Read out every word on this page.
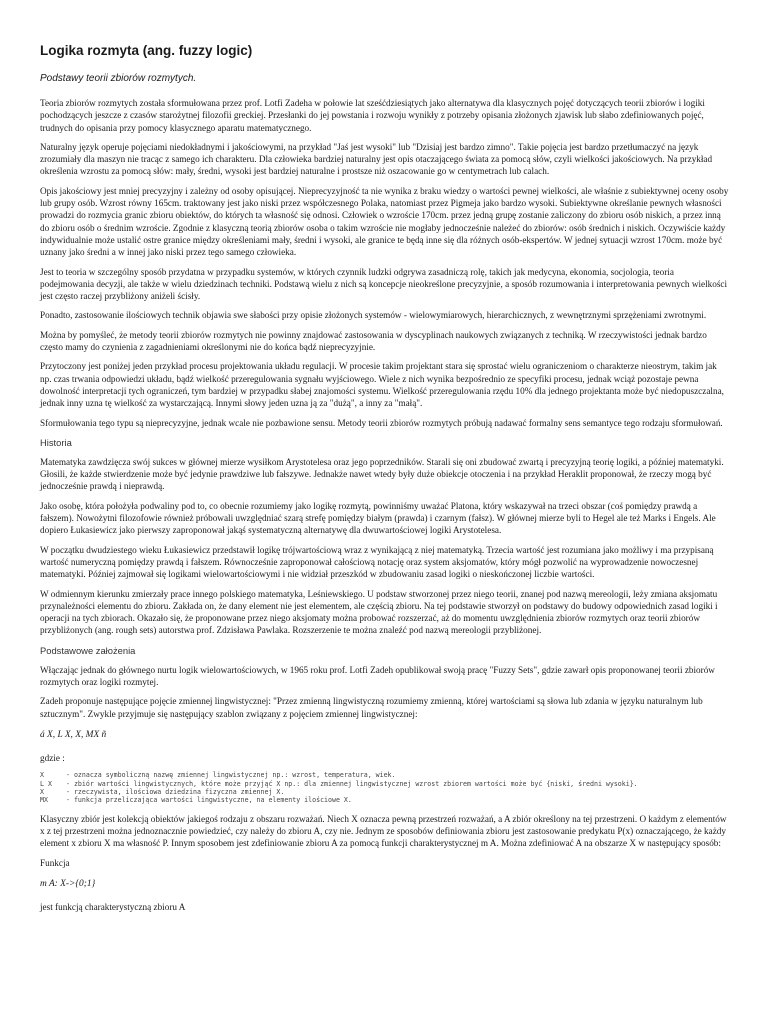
Logika rozmyta (ang. fuzzy logic)
Podstawy teorii zbiorów rozmytych.

Teoria zbiorów rozmytych została sformułowana przez prof. Lotfi Zadeha w połowie lat sześćdziesiątych jako alternatywa dla klasycznych pojęć dotyczących teorii zbiorów i logiki pochodzących jeszcze z czasów starożytnej filozofii greckiej. Przesłanki do jej powstania i rozwoju wynikły z potrzeby opisania złożonych zjawisk lub słabo zdefiniowanych pojęć, trudnych do opisania przy pomocy klasycznego aparatu matematycznego.

Naturalny język operuje pojęciami niedokładnymi i jakościowymi, na przykład "Jaś jest wysoki" lub "Dzisiaj jest bardzo zimno". Takie pojęcia jest bardzo przetłumaczyć na język zrozumiały dla maszyn nie tracąc z samego ich charakteru. Dla człowieka bardziej naturalny jest opis otaczającego świata za pomocą słów, czyli wielkości jakościowych. Na przykład określenia wzrostu za pomocą słów: mały, średni, wysoki jest bardziej naturalne i prostsze niż oszacowanie go w centymetrach lub calach.

Opis jakościowy jest mniej precyzyjny i zależny od osoby opisującej. Nieprecyzyjność ta nie wynika z braku wiedzy o wartości pewnej wielkości, ale właśnie z subiektywnej oceny osoby lub grupy osób. Wzrost równy 165cm. traktowany jest jako niski przez współczesnego Polaka, natomiast przez Pigmeja jako bardzo wysoki. Subiektywne określanie pewnych własności prowadzi do rozmycia granic zbioru obiektów, do których ta własność się odnosi. Człowiek o wzroście 170cm. przez jedną grupę zostanie zaliczony do zbioru osób niskich, a przez inną do zbioru osób o średnim wzroście. Zgodnie z klasyczną teorią zbiorów osoba o takim wzroście nie mogłaby jednocześnie należeć do zbiorów: osób średnich i niskich. Oczywiście każdy indywidualnie może ustalić ostre granice między określeniami mały, średni i wysoki, ale granice te będą inne się dla różnych osób-ekspertów. W jednej sytuacji wzrost 170cm. może być uznany jako średni a w innej jako niski przez tego samego człowieka.

Jest to teoria w szczególny sposób przydatna w przypadku systemów, w których czynnik ludzki odgrywa zasadniczą rolę, takich jak medycyna, ekonomia, socjologia, teoria podejmowania decyzji, ale także w wielu dziedzinach techniki. Podstawą wielu z nich są koncepcje nieokreślone precyzyjnie, a sposób rozumowania i interpretowania pewnych wielkości jest często raczej przybliżony aniżeli ścisły.

Ponadto, zastosowanie ilościowych technik objawia swe słabości przy opisie złożonych systemów - wielowymiarowych, hierarchicznych, z wewnętrznymi sprzężeniami zwrotnymi.

Można by pomyśleć, że metody teorii zbiorów rozmytych nie powinny znajdować zastosowania w dyscyplinach naukowych związanych z techniką. W rzeczywistości jednak bardzo często mamy do czynienia z zagadnieniami określonymi nie do końca bądź nieprecyzyjnie.

Przytoczony jest poniżej jeden przykład procesu projektowania układu regulacji. W procesie takim projektant stara się sprostać wielu ograniczeniom o charakterze nieostrym, takim jak np. czas trwania odpowiedzi układu, bądź wielkość przeregulowania sygnału wyjściowego. Wiele z nich wynika bezpośrednio ze specyfiki procesu, jednak wciąż pozostaje pewna dowolność interpretacji tych ograniczeń, tym bardziej w przypadku słabej znajomości systemu. Wielkość przeregulowania rzędu 10% dla jednego projektanta może być niedopuszczalna, jednak inny uzna tę wielkość za wystarczającą. Innymi słowy jeden uzna ją za "dużą", a inny za "małą".

Sformułowania tego typu są nieprecyzyjne, jednak wcale nie pozbawione sensu. Metody teorii zbiorów rozmytych próbują nadawać formalny sens semantyce tego rodzaju sformułowań.

Historia

Matematyka zawdzięcza swój sukces w głównej mierze wysiłkom Arystotelesa oraz jego poprzedników. Starali się oni zbudować zwartą i precyzyjną teorię logiki, a później matematyki. Głosili, że każde stwierdzenie może być jedynie prawdziwe lub fałszywe. Jednakże nawet wtedy były duże obiekcje otoczenia i na przykład Heraklit proponował, że rzeczy mogą być jednocześnie prawdą i nieprawdą.

Jako osobę, która położyła podwaliny pod to, co obecnie rozumiemy jako logikę rozmytą, powinniśmy uważać Platona, który wskazywał na trzeci obszar (coś pomiędzy prawdą a fałszem). Nowożytni filozofowie również próbowali uwzględniać szarą strefę pomiędzy białym (prawda) i czarnym (fałsz). W głównej mierze byli to Hegel ale też Marks i Engels. Ale dopiero Łukasiewicz jako pierwszy zaproponował jakąś systematyczną alternatywę dla dwuwartościowej logiki Arystotelesa.

W początku dwudziestego wieku Łukasiewicz przedstawił logikę trójwartościową wraz z wynikającą z niej matematyką. Trzecia wartość jest rozumiana jako możliwy i ma przypisaną wartość numeryczną pomiędzy prawdą i fałszem. Równocześnie zaproponował całościową notację oraz system aksjomatów, który mógł pozwolić na wyprowadzenie nowoczesnej matematyki. Później zajmował się logikami wielowartościowymi i nie widział przeszkód w zbudowaniu zasad logiki o nieskończonej liczbie wartości.

W odmiennym kierunku zmierzały prace innego polskiego matematyka, Leśniewskiego. U podstaw stworzonej przez niego teorii, znanej pod nazwą mereologii, leży zmiana aksjomatu przynależności elementu do zbioru. Zakłada on, że dany element nie jest elementem, ale częścią zbioru. Na tej podstawie stworzył on podstawy do budowy odpowiednich zasad logiki i operacji na tych zbiorach. Okazało się, że proponowane przez niego aksjomaty można probować rozszerzać, aż do momentu uwzględnienia zbiorów rozmytych oraz teorii zbiorów przybliżonych (ang. rough sets) autorstwa prof. Zdzisława Pawlaka. Rozszerzenie te można znaleźć pod nazwą mereologii przybliżonej.

Podstawowe założenia

Włączając jednak do głównego nurtu logik wielowartościowych, w 1965 roku prof. Lotfi Zadeh opublikował swoją pracę "Fuzzy Sets", gdzie zawarł opis proponowanej teorii zbiorów rozmytych oraz logiki rozmytej.

Zadeh proponuje następujące pojęcie zmiennej lingwistycznej: "Przez zmienną lingwistyczną rozumiemy zmienną, której wartościami są słowa lub zdania w języku naturalnym lub sztucznym". Zwykle przyjmuje się następujący szablon związany z pojęciem zmiennej lingwistycznej:

á X, L X, X, MX ñ

gdzie :

X	- oznacza symboliczną nazwę zmiennej lingwistycznej np.: wzrost, temperatura, wiek.
L X	- zbiór wartości lingwistycznych, które może przyjąć X np.: dla zmiennej lingwistycznej wzrost zbiorem wartości może być {niski, średni wysoki}.
X	- rzeczywista, ilościowa dziedzina fizyczna zmiennej X.
MX	- funkcja przeliczająca wartości lingwistyczne, na elementy ilościowe X.

Klasyczny zbiór jest kolekcją obiektów jakiegoś rodzaju z obszaru rozważań. Niech X oznacza pewną przestrzeń rozważań, a A zbiór określony na tej przestrzeni. O każdym z elementów x z tej przestrzeni można jednoznacznie powiedzieć, czy należy do zbioru A, czy nie. Jednym ze sposobów definiowania zbioru jest zastosowanie predykatu P(x) oznaczającego, że każdy element x zbioru X ma własność P. Innym sposobem jest zdefiniowanie zbioru A za pomocą funkcji charakterystycznej m A. Można zdefiniować A na obszarze X w następujący sposób:

Funkcja

m A: X->{0;1}

jest funkcją charakterystyczną zbioru A
